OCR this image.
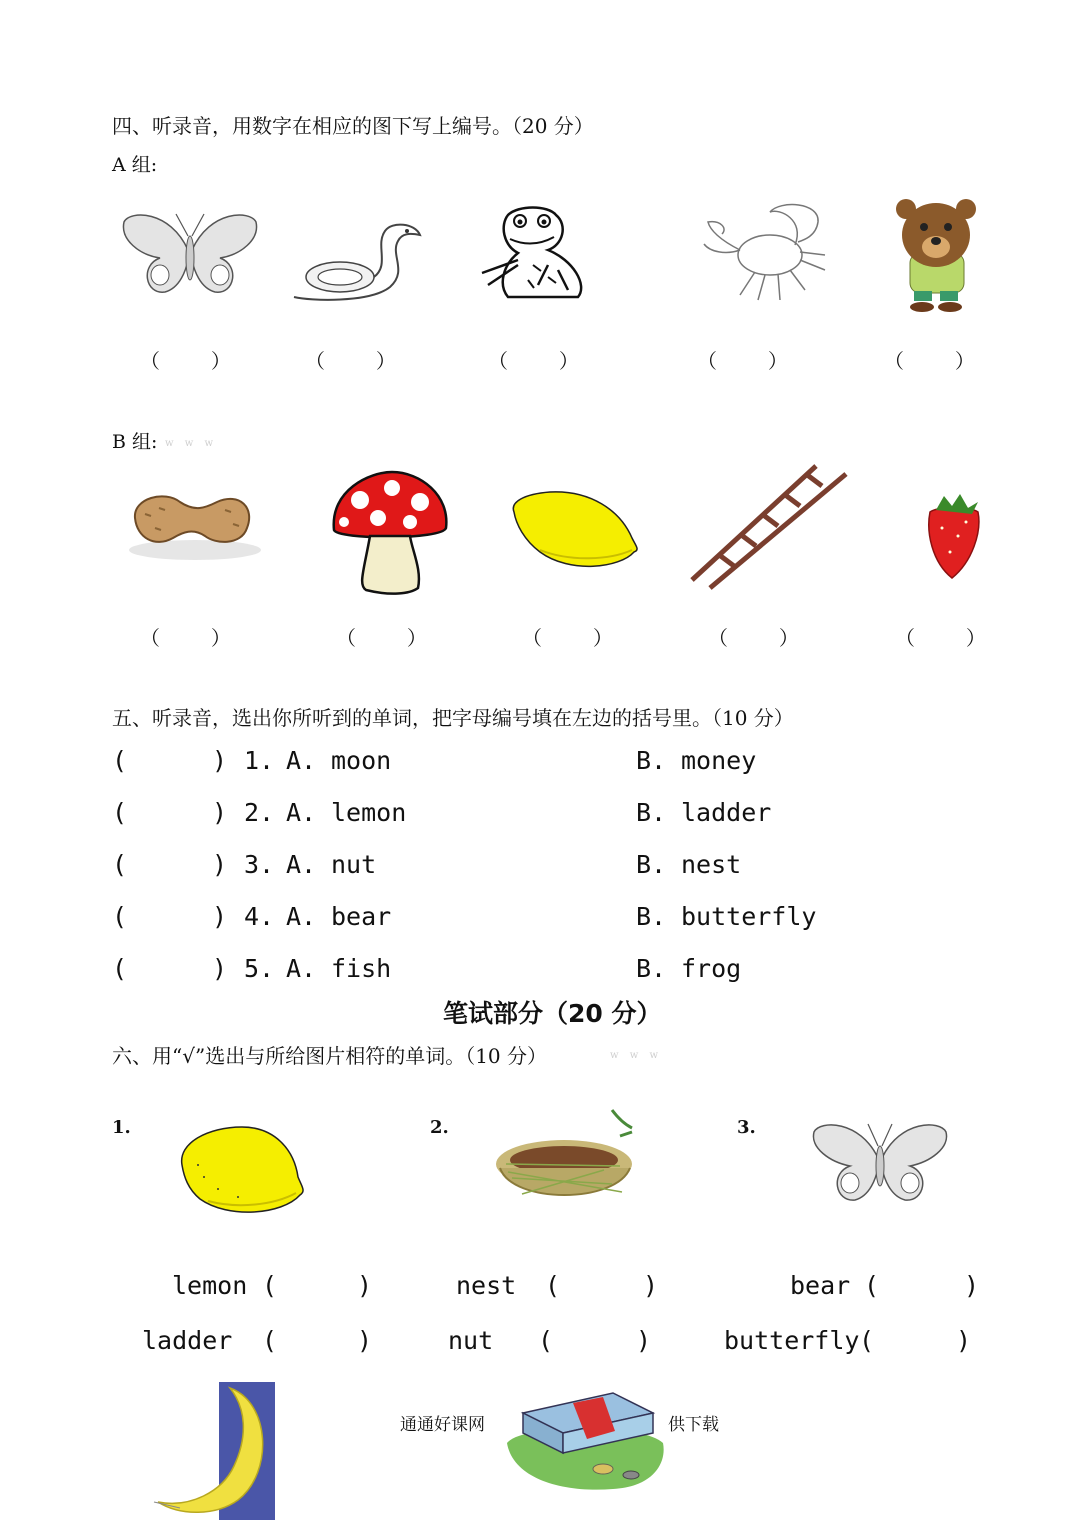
四、听录音，用数字在相应的图下写上编号。（20 分）
A 组:
（        ）	（        ）	（        ）	（        ）	（        ）
B 组: w w w
（        ）	（        ）	（        ）	（        ）	（        ）
五、听录音，选出你所听到的单词，把字母编号填在左边的括号里。（10 分）
(	) 1. A. moon	B. money
(	) 2. A. lemon	B. ladder
(	) 3. A. nut	B. nest
(	) 4. A. bear	B. butterfly
(	) 5. A. fish	B. frog
笔试部分（20 分）
六、用“√”选出与所给图片相符的单词。（10 分）	w w w
1.	2.	3.
lemon (	)	nest (	)	bear (	)
ladder (	)	nut (	)	butterfly (	)
通通好课网	供下载
